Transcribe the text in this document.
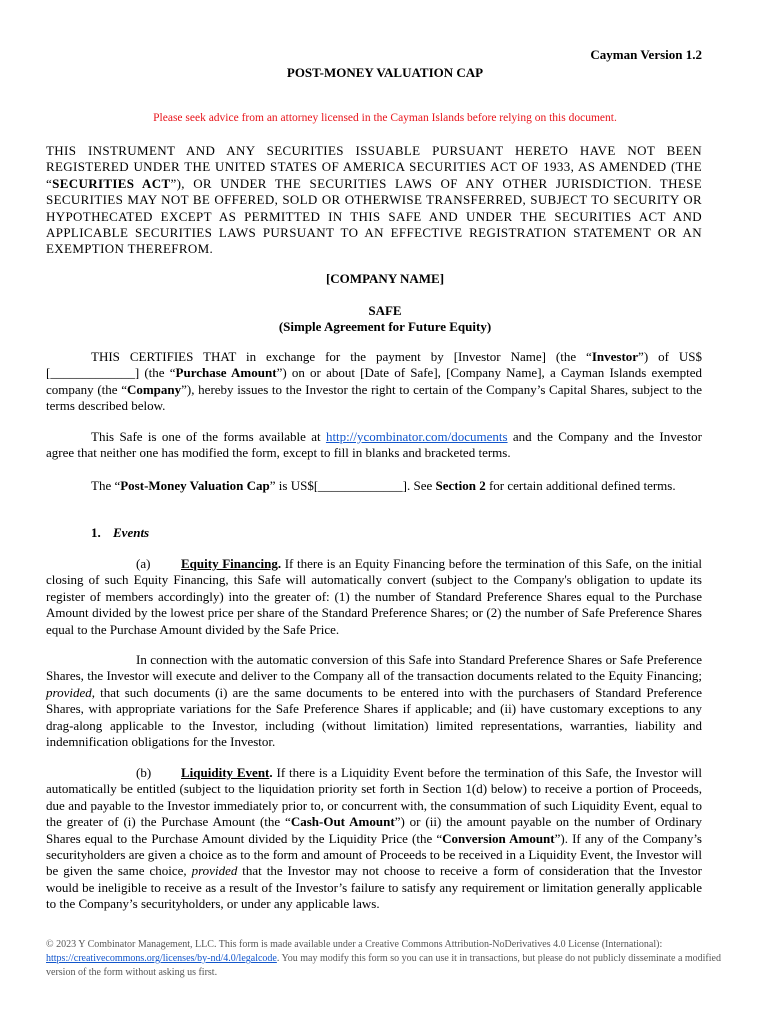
Cayman Version 1.2
POST-MONEY VALUATION CAP
Please seek advice from an attorney licensed in the Cayman Islands before relying on this document.
THIS INSTRUMENT AND ANY SECURITIES ISSUABLE PURSUANT HERETO HAVE NOT BEEN REGISTERED UNDER THE UNITED STATES OF AMERICA SECURITIES ACT OF 1933, AS AMENDED (THE “SECURITIES ACT”), OR UNDER THE SECURITIES LAWS OF ANY OTHER JURISDICTION. THESE SECURITIES MAY NOT BE OFFERED, SOLD OR OTHERWISE TRANSFERRED, SUBJECT TO SECURITY OR HYPOTHECATED EXCEPT AS PERMITTED IN THIS SAFE AND UNDER THE SECURITIES ACT AND APPLICABLE SECURITIES LAWS PURSUANT TO AN EFFECTIVE REGISTRATION STATEMENT OR AN EXEMPTION THEREFROM.
[COMPANY NAME]
SAFE
(Simple Agreement for Future Equity)
THIS CERTIFIES THAT in exchange for the payment by [Investor Name] (the “Investor”) of US$ [_____________] (the “Purchase Amount”) on or about [Date of Safe], [Company Name], a Cayman Islands exempted company (the “Company”), hereby issues to the Investor the right to certain of the Company’s Capital Shares, subject to the terms described below.
This Safe is one of the forms available at http://ycombinator.com/documents and the Company and the Investor agree that neither one has modified the form, except to fill in blanks and bracketed terms.
The “Post-Money Valuation Cap” is US$[_____________]. See Section 2 for certain additional defined terms.
1. Events
(a) Equity Financing. If there is an Equity Financing before the termination of this Safe, on the initial closing of such Equity Financing, this Safe will automatically convert (subject to the Company's obligation to update its register of members accordingly) into the greater of: (1) the number of Standard Preference Shares equal to the Purchase Amount divided by the lowest price per share of the Standard Preference Shares; or (2) the number of Safe Preference Shares equal to the Purchase Amount divided by the Safe Price.
In connection with the automatic conversion of this Safe into Standard Preference Shares or Safe Preference Shares, the Investor will execute and deliver to the Company all of the transaction documents related to the Equity Financing; provided, that such documents (i) are the same documents to be entered into with the purchasers of Standard Preference Shares, with appropriate variations for the Safe Preference Shares if applicable; and (ii) have customary exceptions to any drag-along applicable to the Investor, including (without limitation) limited representations, warranties, liability and indemnification obligations for the Investor.
(b) Liquidity Event. If there is a Liquidity Event before the termination of this Safe, the Investor will automatically be entitled (subject to the liquidation priority set forth in Section 1(d) below) to receive a portion of Proceeds, due and payable to the Investor immediately prior to, or concurrent with, the consummation of such Liquidity Event, equal to the greater of (i) the Purchase Amount (the “Cash-Out Amount”) or (ii) the amount payable on the number of Ordinary Shares equal to the Purchase Amount divided by the Liquidity Price (the “Conversion Amount”). If any of the Company’s securityholders are given a choice as to the form and amount of Proceeds to be received in a Liquidity Event, the Investor will be given the same choice, provided that the Investor may not choose to receive a form of consideration that the Investor would be ineligible to receive as a result of the Investor’s failure to satisfy any requirement or limitation generally applicable to the Company’s securityholders, or under any applicable laws.
© 2023 Y Combinator Management, LLC. This form is made available under a Creative Commons Attribution-NoDerivatives 4.0 License (International): https://creativecommons.org/licenses/by-nd/4.0/legalcode. You may modify this form so you can use it in transactions, but please do not publicly disseminate a modified version of the form without asking us first.
